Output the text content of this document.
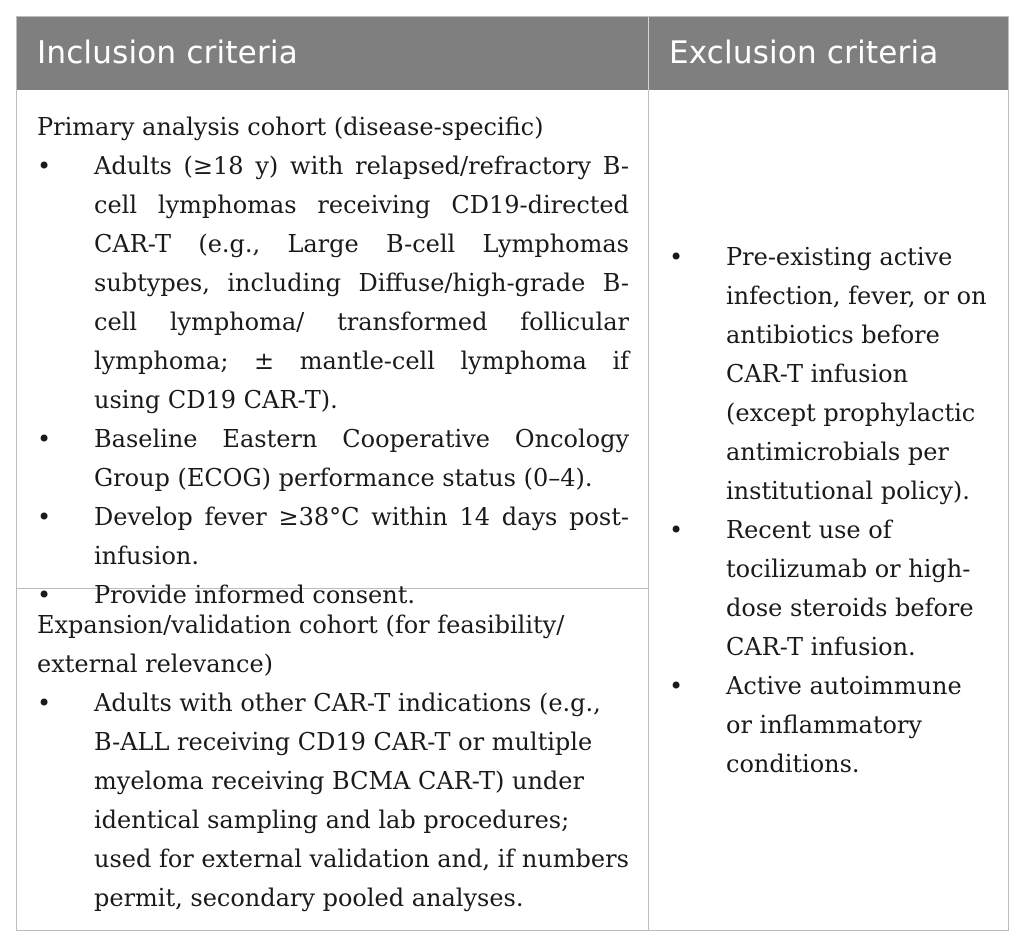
Inclusion criteria	Exclusion criteria

Primary analysis cohort (disease-specific)

• Adults (≥18 y) with relapsed/refractory B-cell lymphomas receiving CD19-directed CAR-T (e.g., Large B-cell Lymphomas subtypes, including Diffuse/high-grade B-cell lymphoma/ transformed follicular lymphoma; ± mantle-cell lymphoma if using CD19 CAR-T).
• Baseline Eastern Cooperative Oncology Group (ECOG) performance status (0–4).
• Develop fever ≥38°C within 14 days post-infusion.
• Provide informed consent.

Expansion/validation cohort (for feasibility/ external relevance)

• Adults with other CAR-T indications (e.g., B-ALL receiving CD19 CAR-T or multiple myeloma receiving BCMA CAR-T) under identical sampling and lab procedures; used for external validation and, if numbers permit, secondary pooled analyses.
• Pre-existing active infection, fever, or on antibiotics before CAR-T infusion (except prophylactic antimicrobials per institutional policy).
• Recent use of tocilizumab or high-dose steroids before CAR-T infusion.
• Active autoimmune or inflammatory conditions.
